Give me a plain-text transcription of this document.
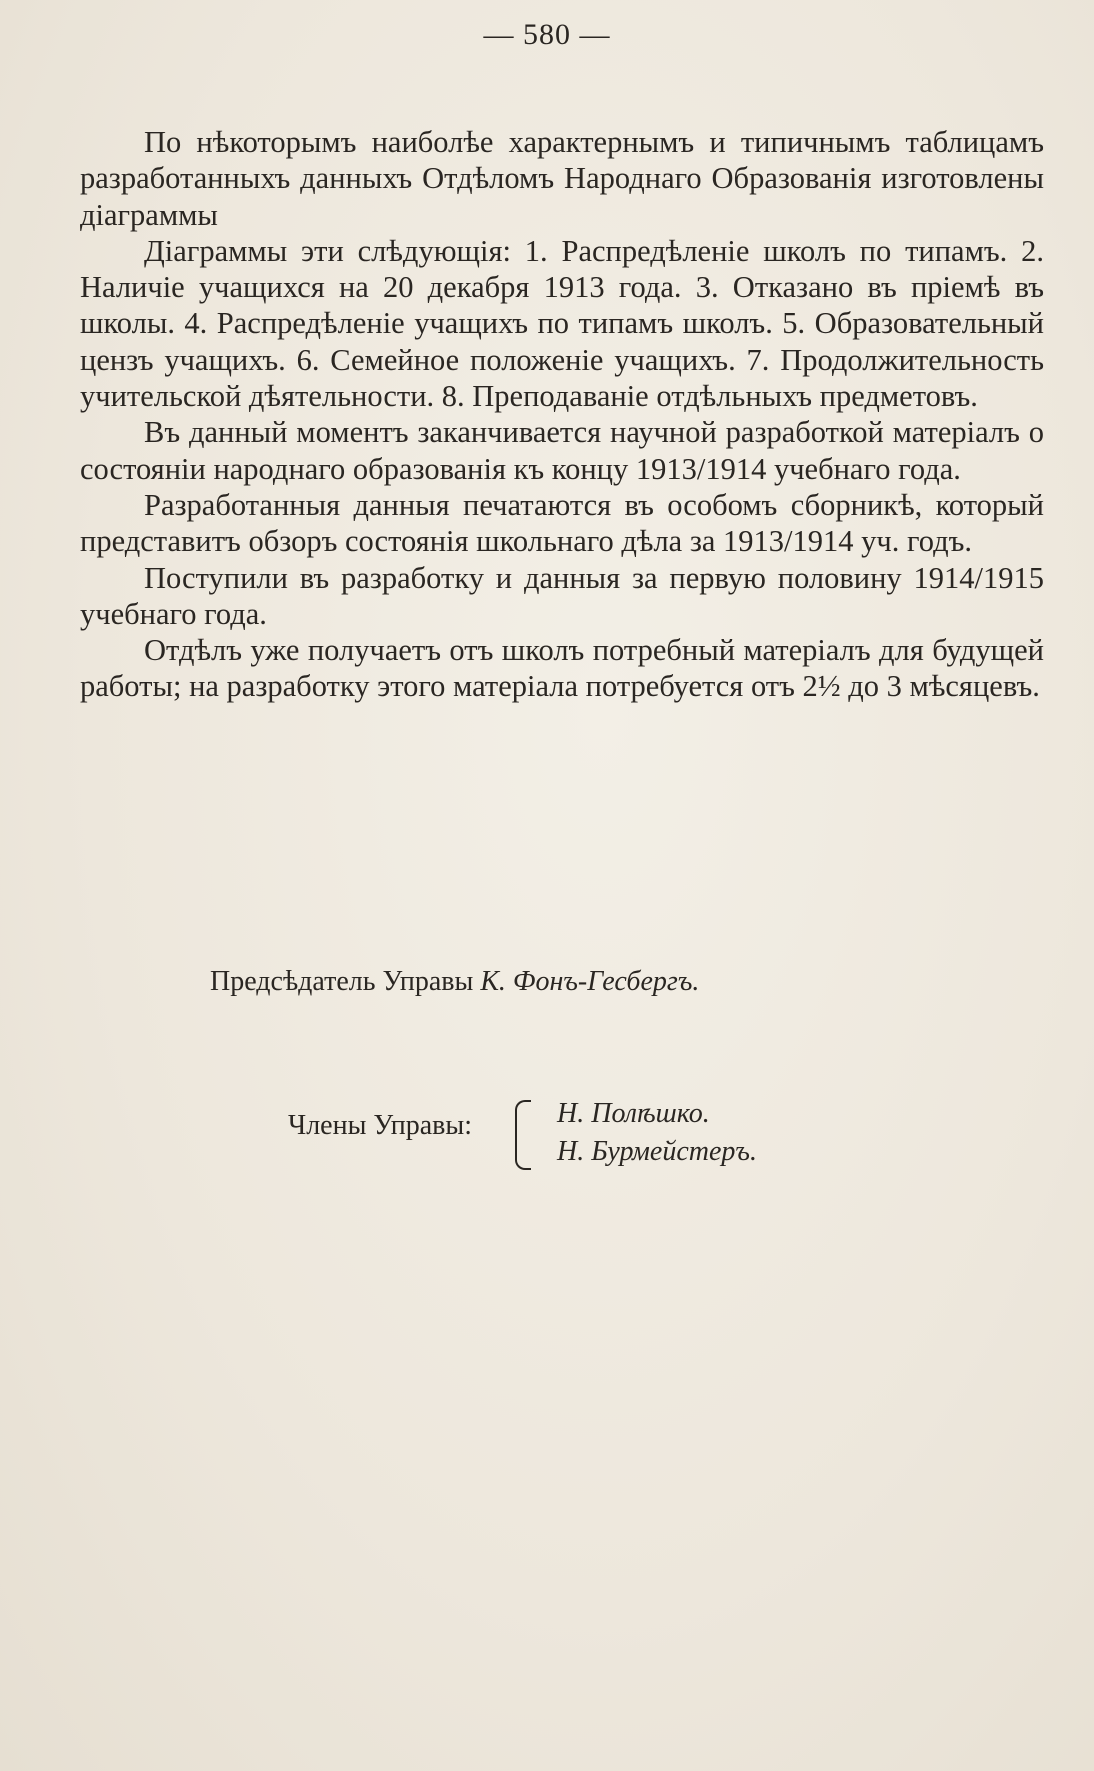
— 580 —

По нѣкоторымъ наиболѣе характернымъ и типичнымъ таблицамъ разработанныхъ данныхъ Отдѣломъ Народнаго Образованія изготовлены діаграммы

Діаграммы эти слѣдующія: 1. Распредѣленіе школъ по типамъ. 2. Наличіе учащихся на 20 декабря 1913 года. 3. Отказано въ пріемѣ въ школы. 4. Распредѣленіе учащихъ по типамъ школъ. 5. Образовательный цензъ учащихъ. 6. Семейное положеніе учащихъ. 7. Продолжительность учительской дѣятельности. 8. Преподаваніе отдѣльныхъ предметовъ.

Въ данный моментъ заканчивается научной разработкой матеріалъ о состояніи народнаго образованія къ концу 1913/1914 учебнаго года.

Разработанныя данныя печатаются въ особомъ сборникѣ, который представитъ обзоръ состоянія школьнаго дѣла за 1913/1914 уч. годъ.

Поступили въ разработку и данныя за первую половину 1914/1915 учебнаго года.

Отдѣлъ уже получаетъ отъ школъ потребный матеріалъ для будущей работы; на разработку этого матеріала потребуется отъ 2½ до 3 мѣсяцевъ.

Предсѣдатель Управы К. Фонъ-Гесбергъ.
Члены Управы:	Н. Полѣшко.
Н. Бурмейстеръ.
